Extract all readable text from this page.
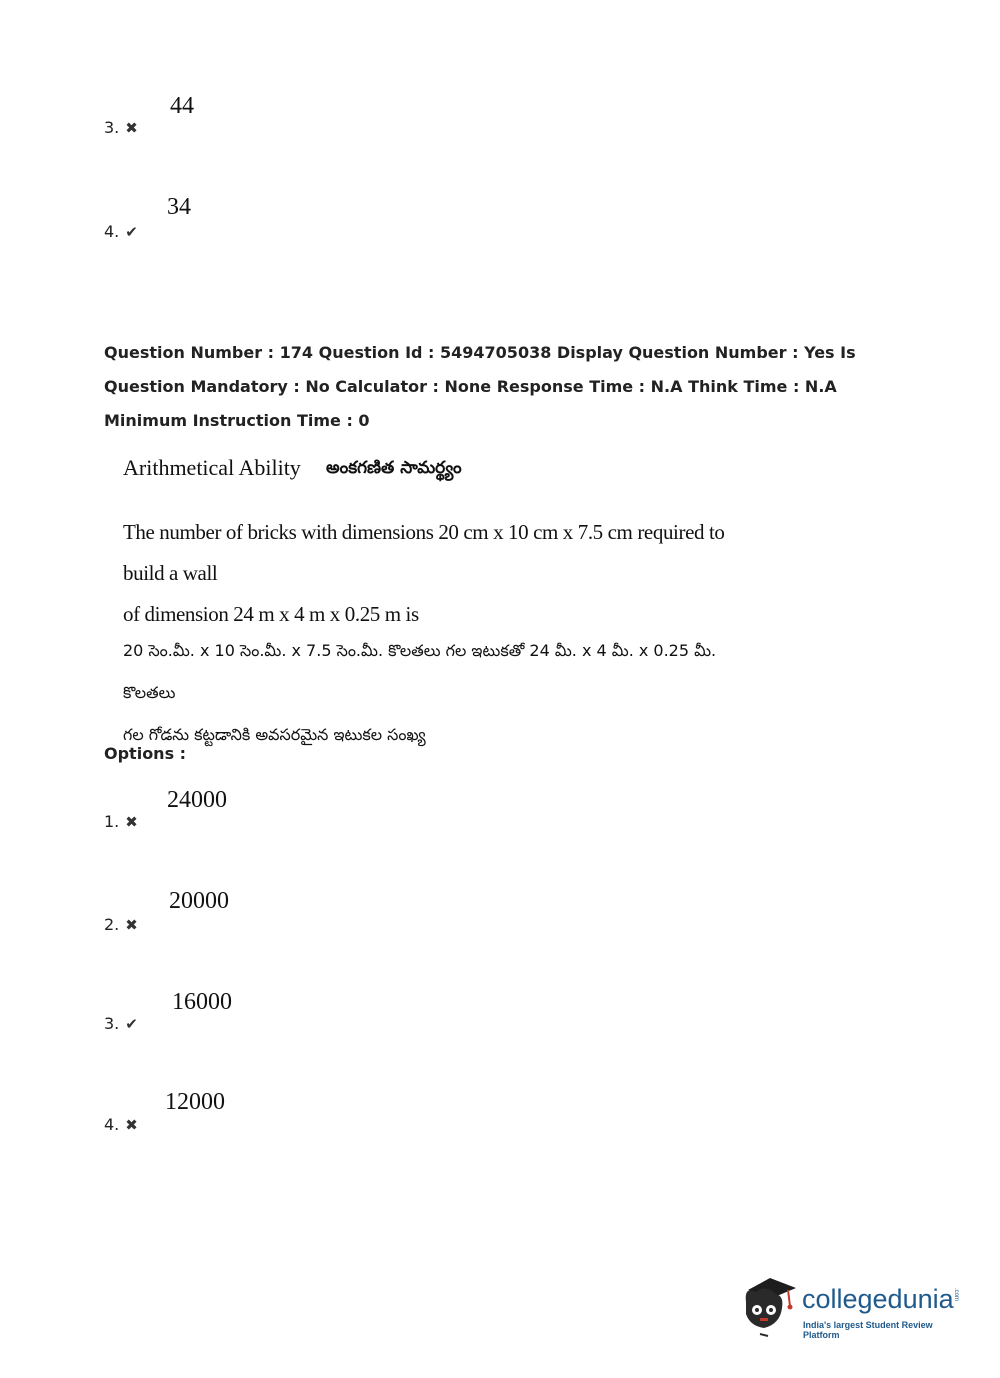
44
3. ✖
34
4. ✔
Question Number : 174 Question Id : 5494705038 Display Question Number : Yes Is Question Mandatory : No Calculator : None Response Time : N.A Think Time : N.A Minimum Instruction Time : 0
Arithmetical Ability అంకగణిత సామర్థ్యం
The number of bricks with dimensions 20 cm x 10 cm x 7.5 cm required to build a wall
of dimension 24 m x 4 m x 0.25 m is
20 సెం.మీ. x 10 సెం.మీ. x 7.5 సెం.మీ. కొలతలు గల ఇటుకతో 24 మీ. x 4 మీ. x 0.25 మీ. కొలతలు
గల గోడను కట్టడానికి అవసరమైన ఇటుకల సంఖ్య
Options :
24000
1. ✖
20000
2. ✖
16000
3. ✔
12000
4. ✖
collegedunia .com
India's largest Student Review Platform
